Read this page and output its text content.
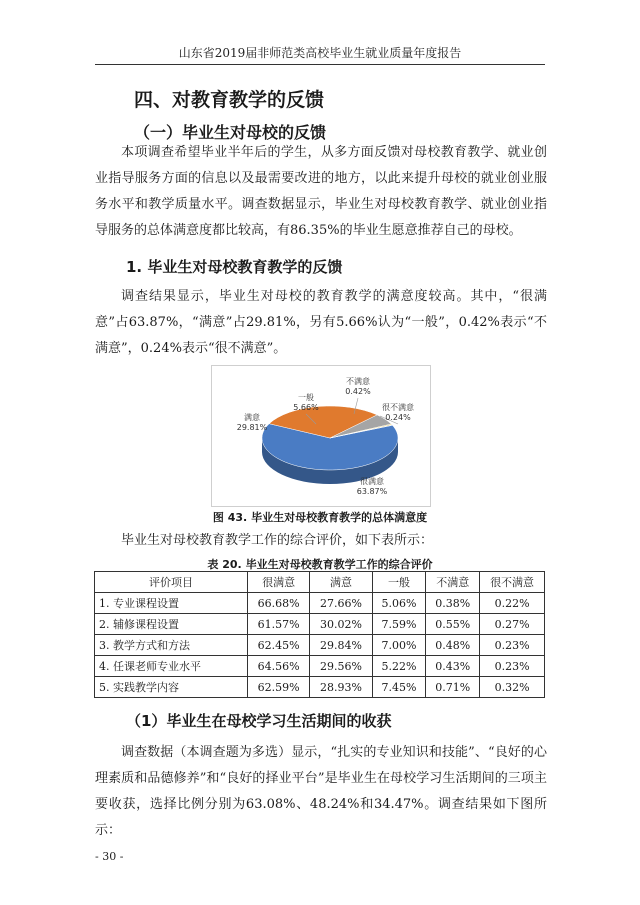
山东省2019届非师范类高校毕业生就业质量年度报告
四、对教育教学的反馈
（一）毕业生对母校的反馈

本项调查希望毕业半年后的学生，从多方面反馈对母校教育教学、就业创业指导服务方面的信息以及最需要改进的地方，以此来提升母校的就业创业服务水平和教学质量水平。调查数据显示，毕业生对母校教育教学、就业创业指导服务的总体满意度都比较高，有86.35%的毕业生愿意推荐自己的母校。

1. 毕业生对母校教育教学的反馈

调查结果显示，毕业生对母校的教育教学的满意度较高。其中，“很满意”占63.87%，“满意”占29.81%，另有5.66%认为“一般”，0.42%表示“不满意”，0.24%表示“很不满意”。

很满意
63.87%
满意
29.81%
一般
5.66%
不满意
0.42%
很不满意
0.24%
图 43. 毕业生对母校教育教学的总体满意度

毕业生对母校教育教学工作的综合评价，如下表所示：

表 20. 毕业生对母校教育教学工作的综合评价
评价项目	很满意	满意	一般	不满意	很不满意
1. 专业课程设置	66.68%	27.66%	5.06%	0.38%	0.22%
2. 辅修课程设置	61.57%	30.02%	7.59%	0.55%	0.27%
3. 教学方式和方法	62.45%	29.84%	7.00%	0.48%	0.23%
4. 任课老师专业水平	64.56%	29.56%	5.22%	0.43%	0.23%
5. 实践教学内容	62.59%	28.93%	7.45%	0.71%	0.32%
（1）毕业生在母校学习生活期间的收获

调查数据（本调查题为多选）显示，“扎实的专业知识和技能”、“良好的心理素质和品德修养”和“良好的择业平台”是毕业生在母校学习生活期间的三项主要收获，选择比例分别为63.08%、48.24%和34.47%。调查结果如下图所示：

- 30 -
